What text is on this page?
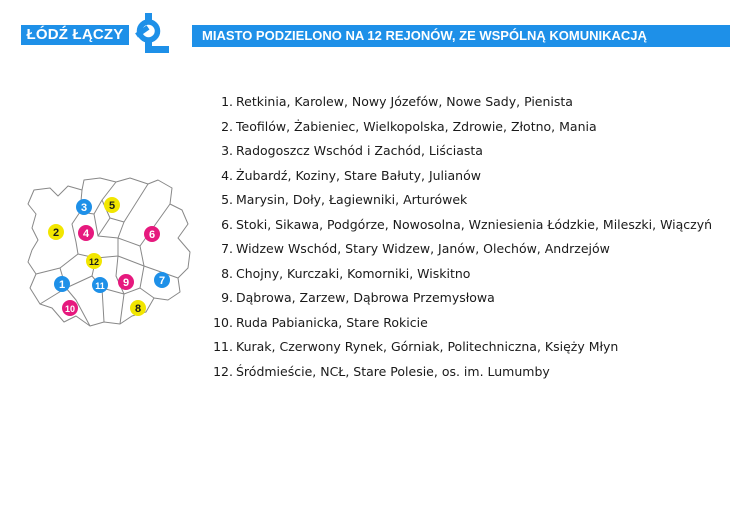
ŁÓDŹ ŁĄCZY	MIASTO PODZIELONO NA 12 REJONÓW, ZE WSPÓLNĄ KOMUNIKACJĄ
1
2
3
4
5
6
7
8
9
10
11
12
1. Retkinia, Karolew, Nowy Józefów, Nowe Sady, Pienista
2. Teofilów, Żabieniec, Wielkopolska, Zdrowie, Złotno, Mania
3. Radogoszcz Wschód i Zachód, Liściasta
4. Żubardź, Koziny, Stare Bałuty, Julianów
5. Marysin, Doły, Łagiewniki, Arturówek
6. Stoki, Sikawa, Podgórze, Nowosolna, Wzniesienia Łódzkie, Mileszki, Wiączyń
7. Widzew Wschód, Stary Widzew, Janów, Olechów, Andrzejów
8. Chojny, Kurczaki, Komorniki, Wiskitno
9. Dąbrowa, Zarzew, Dąbrowa Przemysłowa
10. Ruda Pabianicka, Stare Rokicie
11. Kurak, Czerwony Rynek, Górniak, Politechniczna, Księży Młyn
12. Śródmieście, NCŁ, Stare Polesie, os. im. Lumumby
